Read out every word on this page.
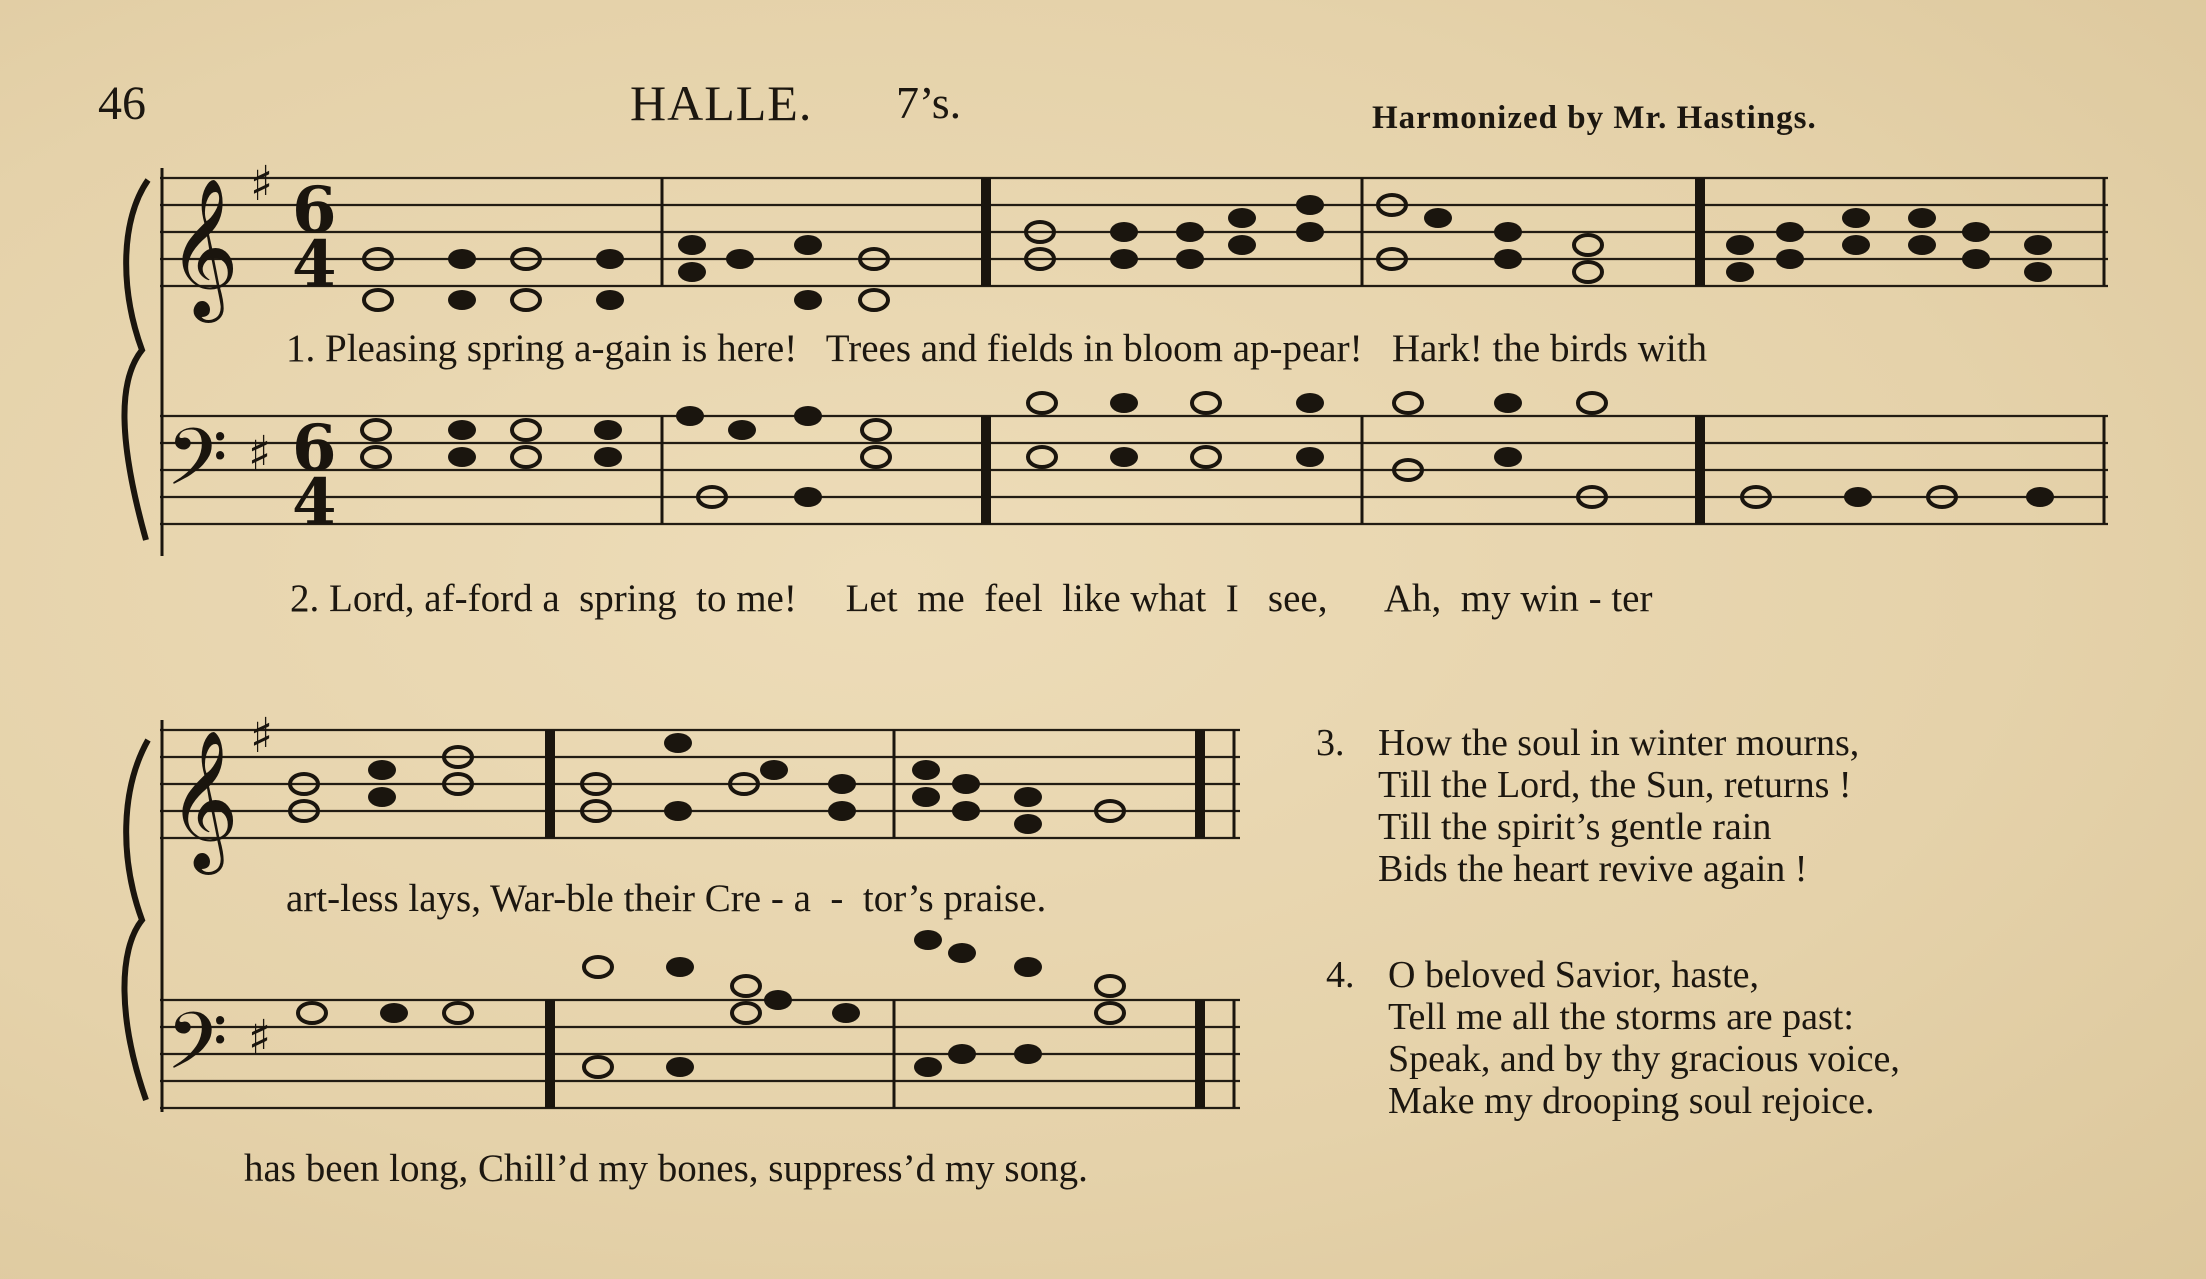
46	HALLE. 7’s.	Harmonized by Mr. Hastings.
𝄞 ♯ 6
4
𝄢 ♯ 6
4
𝄞 ♯
𝄢 ♯
1. Pleasing spring a-gain is here!   Trees and fields in bloom ap-pear!   Hark! the birds with
2. Lord, af-ford a  spring  to me!     Let  me  feel  like what  I   see,      Ah,  my win - ter
art-less lays, War-ble their Cre - a  -  tor’s praise.
has been long, Chill’d my bones, suppress’d my song.
3. How the soul in winter mourns,
Till the Lord, the Sun, returns !
Till the spirit’s gentle rain
Bids the heart revive again !
4. O beloved Savior, haste,
Tell me all the storms are past:
Speak, and by thy gracious voice,
Make my drooping soul rejoice.
